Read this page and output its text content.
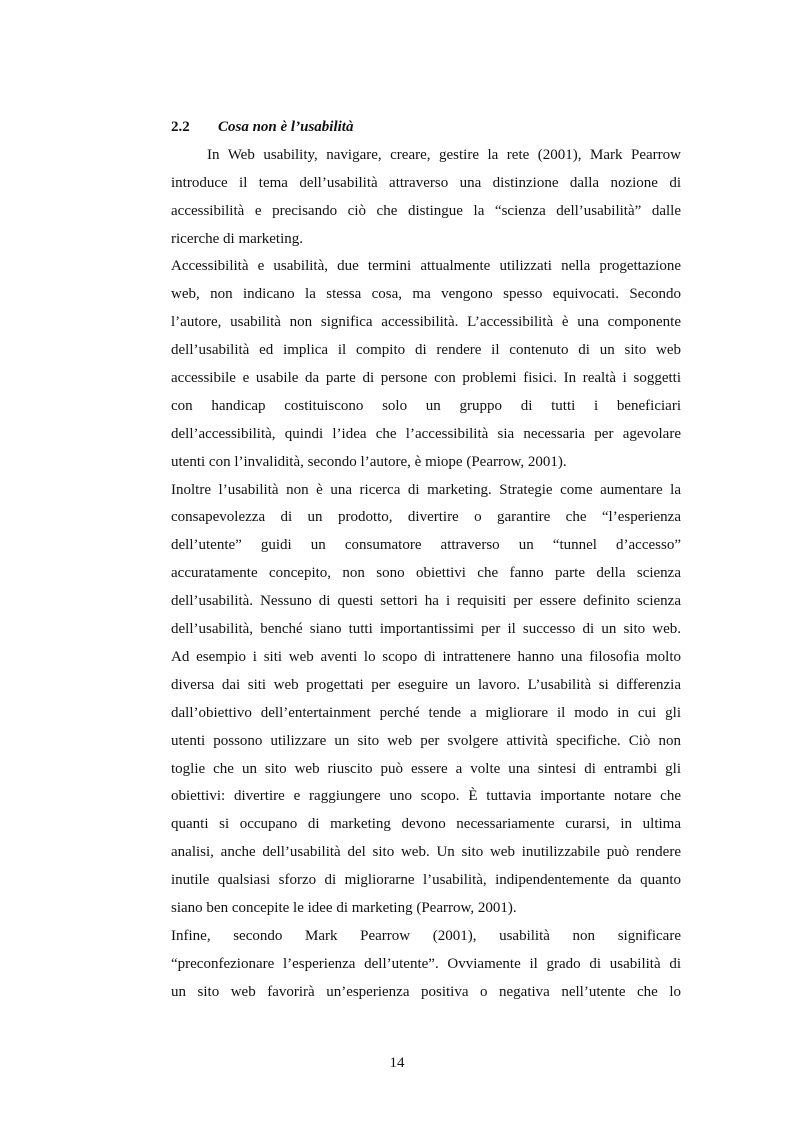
2.2 Cosa non è l’usabilità
In Web usability, navigare, creare, gestire la rete (2001), Mark Pearrow
introduce il tema dell’usabilità attraverso una distinzione dalla nozione di
accessibilità e precisando ciò che distingue la “scienza dell’usabilità” dalle
ricerche di marketing.
Accessibilità e usabilità, due termini attualmente utilizzati nella progettazione
web, non indicano la stessa cosa, ma vengono spesso equivocati. Secondo
l’autore, usabilità non significa accessibilità. L’accessibilità è una componente
dell’usabilità ed implica il compito di rendere il contenuto di un sito web
accessibile e usabile da parte di persone con problemi fisici. In realtà i soggetti
con handicap costituiscono solo un gruppo di tutti i beneficiari
dell’accessibilità, quindi l’idea che l’accessibilità sia necessaria per agevolare
utenti con l’invalidità, secondo l’autore, è miope (Pearrow, 2001).
Inoltre l’usabilità non è una ricerca di marketing. Strategie come aumentare la
consapevolezza di un prodotto, divertire o garantire che “l’esperienza
dell’utente” guidi un consumatore attraverso un “tunnel d’accesso”
accuratamente concepito, non sono obiettivi che fanno parte della scienza
dell’usabilità. Nessuno di questi settori ha i requisiti per essere definito scienza
dell’usabilità, benché siano tutti importantissimi per il successo di un sito web.
Ad esempio i siti web aventi lo scopo di intrattenere hanno una filosofia molto
diversa dai siti web progettati per eseguire un lavoro. L’usabilità si differenzia
dall’obiettivo dell’entertainment perché tende a migliorare il modo in cui gli
utenti possono utilizzare un sito web per svolgere attività specifiche. Ciò non
toglie che un sito web riuscito può essere a volte una sintesi di entrambi gli
obiettivi: divertire e raggiungere uno scopo. È tuttavia importante notare che
quanti si occupano di marketing devono necessariamente curarsi, in ultima
analisi, anche dell’usabilità del sito web. Un sito web inutilizzabile può rendere
inutile qualsiasi sforzo di migliorarne l’usabilità, indipendentemente da quanto
siano ben concepite le idee di marketing (Pearrow, 2001).
Infine, secondo Mark Pearrow (2001), usabilità non significare
“preconfezionare l’esperienza dell’utente”. Ovviamente il grado di usabilità di
un sito web favorirà un’esperienza positiva o negativa nell’utente che lo
14
